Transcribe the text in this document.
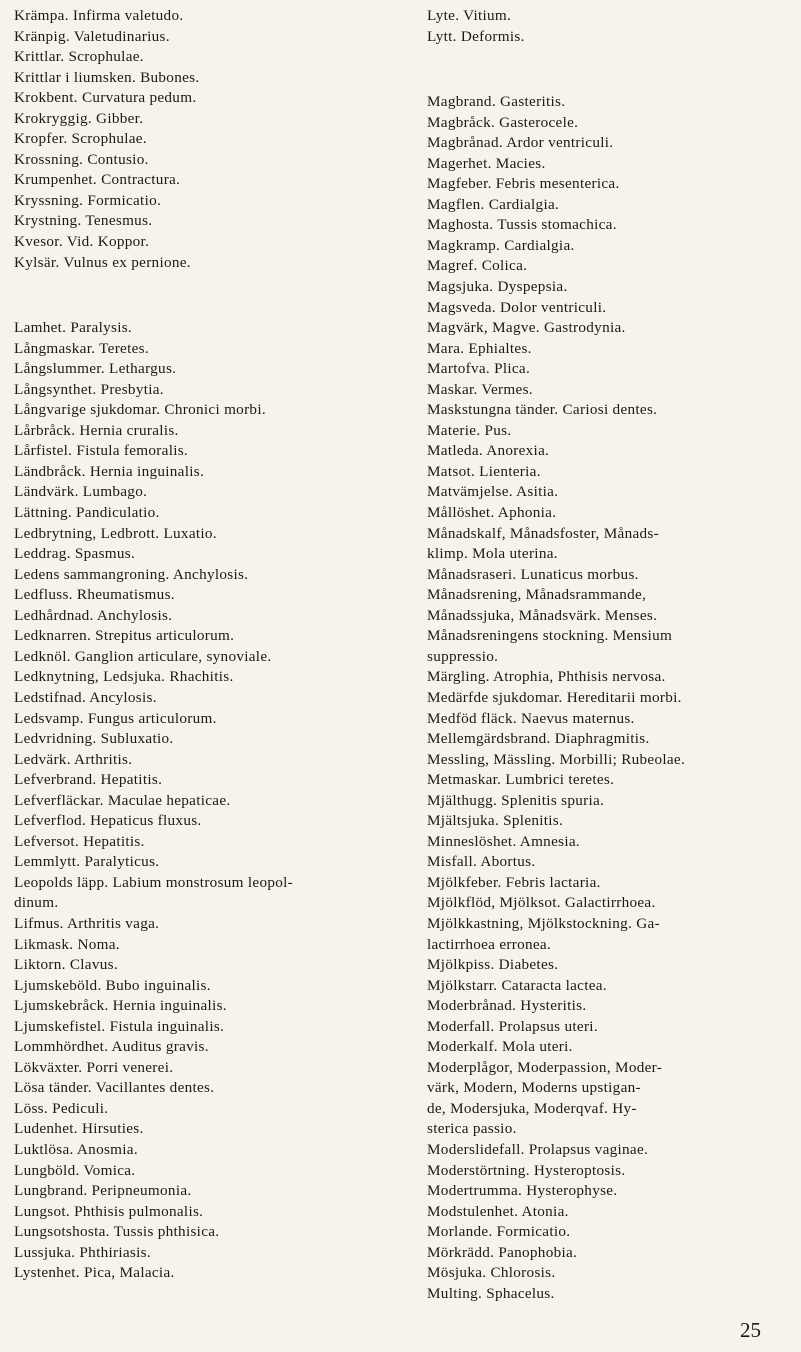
Krämpa. Infirma valetudo.
Kränpig. Valetudinarius.
Krittlar. Scrophulae.
Krittlar i liumsken. Bubones.
Krokbent. Curvatura pedum.
Krokryggig. Gibber.
Kropfer. Scrophulae.
Krossning. Contusio.
Krumpenhet. Contractura.
Kryssning. Formicatio.
Krystning. Tenesmus.
Kvesor. Vid. Koppor.
Kylsär. Vulnus ex pernione.
Lamhet. Paralysis.
Långmaskar. Teretes.
Långslummer. Lethargus.
Långsynthet. Presbytia.
Långvarige sjukdomar. Chronici morbi.
Lårbråck. Hernia cruralis.
Lårfistel. Fistula femoralis.
Ländbråck. Hernia inguinalis.
Ländvärk. Lumbago.
Lättning. Pandiculatio.
Ledbrytning, Ledbrott. Luxatio.
Leddrag. Spasmus.
Ledens sammangroning. Anchylosis.
Ledfluss. Rheumatismus.
Ledhårdnad. Anchylosis.
Ledknarren. Strepitus articulorum.
Ledknöl. Ganglion articulare, synoviale.
Ledknytning, Ledsjuka. Rhachitis.
Ledstifnad. Ancylosis.
Ledsvamp. Fungus articulorum.
Ledvridning. Subluxatio.
Ledvärk. Arthritis.
Lefverbrand. Hepatitis.
Lefverfläckar. Maculae hepaticae.
Lefverflod. Hepaticus fluxus.
Lefversot. Hepatitis.
Lemmlytt. Paralyticus.
Leopolds läpp. Labium monstrosum leopol-
dinum.
Lifmus. Arthritis vaga.
Likmask. Noma.
Liktorn. Clavus.
Ljumskeböld. Bubo inguinalis.
Ljumskebråck. Hernia inguinalis.
Ljumskefistel. Fistula inguinalis.
Lommhördhet. Auditus gravis.
Lökväxter. Porri venerei.
Lösa tänder. Vacillantes dentes.
Löss. Pediculi.
Ludenhet. Hirsuties.
Luktlösa. Anosmia.
Lungböld. Vomica.
Lungbrand. Peripneumonia.
Lungsot. Phthisis pulmonalis.
Lungsotshosta. Tussis phthisica.
Lussjuka. Phthiriasis.
Lystenhet. Pica, Malacia.
Lyte. Vitium.
Lytt. Deformis.
Magbrand. Gasteritis.
Magbråck. Gasterocele.
Magbrånad. Ardor ventriculi.
Magerhet. Macies.
Magfeber. Febris mesenterica.
Magflen. Cardialgia.
Maghosta. Tussis stomachica.
Magkramp. Cardialgia.
Magref. Colica.
Magsjuka. Dyspepsia.
Magsveda. Dolor ventriculi.
Magvärk, Magve. Gastrodynia.
Mara. Ephialtes.
Martofva. Plica.
Maskar. Vermes.
Maskstungna tänder. Cariosi dentes.
Materie. Pus.
Matleda. Anorexia.
Matsot. Lienteria.
Matvämjelse. Asitia.
Mållöshet. Aphonia.
Månadskalf, Månadsfoster, Månads-
klimp. Mola uterina.
Månadsraseri. Lunaticus morbus.
Månadsrening, Månadsrammande,
Månadssjuka, Månadsvärk. Menses.
Månadsreningens stockning. Mensium
suppressio.
Märgling. Atrophia, Phthisis nervosa.
Medärfde sjukdomar. Hereditarii morbi.
Medföd fläck. Naevus maternus.
Mellemgärdsbrand. Diaphragmitis.
Messling, Mässling. Morbilli; Rubeolae.
Metmaskar. Lumbrici teretes.
Mjälthugg. Splenitis spuria.
Mjältsjuka. Splenitis.
Minneslöshet. Amnesia.
Misfall. Abortus.
Mjölkfeber. Febris lactaria.
Mjölkflöd, Mjölksot. Galactirrhoea.
Mjölkkastning, Mjölkstockning. Ga-
lactirrhoea erronea.
Mjölkpiss. Diabetes.
Mjölkstarr. Cataracta lactea.
Moderbrånad. Hysteritis.
Moderfall. Prolapsus uteri.
Moderkalf. Mola uteri.
Moderplågor, Moderpassion, Moder-
värk, Modern, Moderns upstigan-
de, Modersjuka, Moderqvaf. Hy-
sterica passio.
Moderslidefall. Prolapsus vaginae.
Moderstörtning. Hysteroptosis.
Modertrumma. Hysterophyse.
Modstulenhet. Atonia.
Morlande. Formicatio.
Mörkrädd. Panophobia.
Mösjuka. Chlorosis.
Multing. Sphacelus.
25
